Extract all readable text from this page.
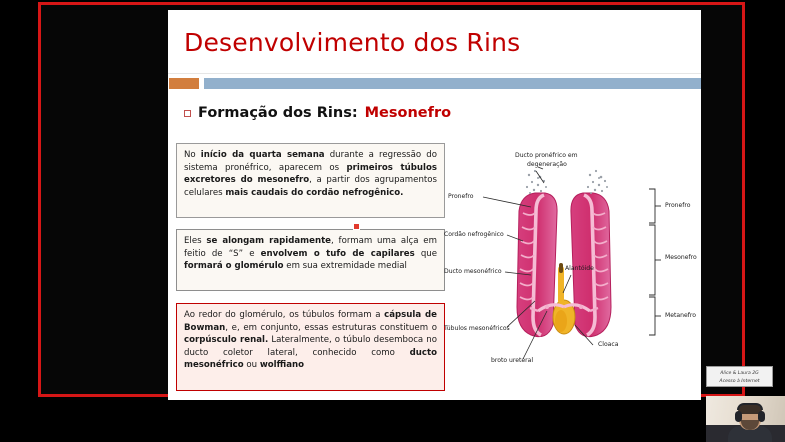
Desenvolvimento dos Rins
Formação dos Rins: Mesonefro
No início da quarta semana durante a regressão do sistema pronéfrico, aparecem os primeiros túbulos excretores do mesonefro, a partir dos agrupamentos celulares mais caudais do cordão nefrogênico.
Eles se alongam rapidamente, formam uma alça em feitio de “S” e envolvem o tufo de capilares que formará o glomérulo em sua extremidade medial
Ao redor do glomérulo, os túbulos formam a cápsula de Bowman, e, em conjunto, essas estruturas constituem o corpúsculo renal. Lateralmente, o túbulo desemboca no ducto coletor lateral, conhecido como ducto mesonéfrico ou wolffiano
Alice & Laura 2G
Acesso à Internet
Ducto pronéfrico em
degeneração
Pronefro
Cordão nefrogênico
Ducto mesonéfrico
Túbulos mesonéfricos
broto ureteral
Alantóide
Cloaca
Pronefro
Mesonefro
Metanefro
